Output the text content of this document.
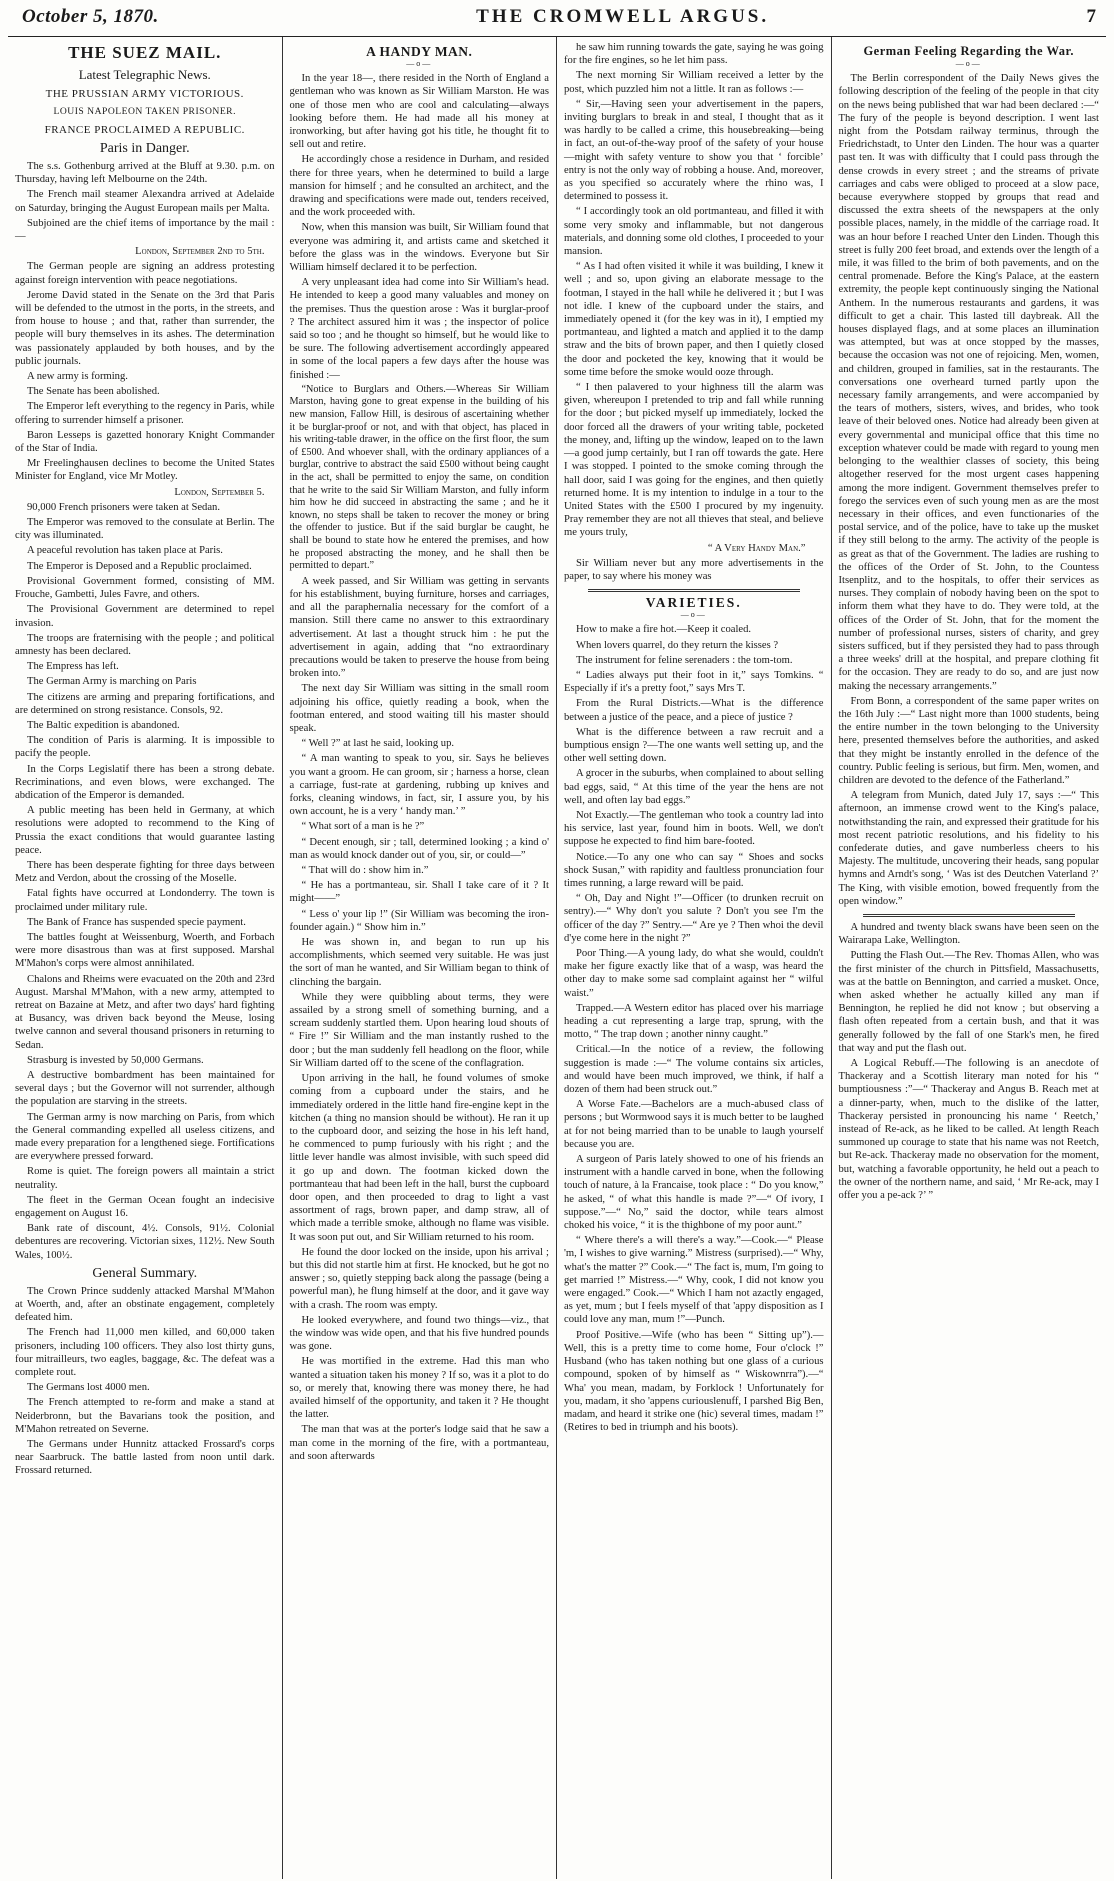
October 5, 1870.	THE CROMWELL ARGUS.	7
THE SUEZ MAIL.
Latest Telegraphic News.
THE PRUSSIAN ARMY VICTORIOUS.
LOUIS NAPOLEON TAKEN PRISONER.
FRANCE PROCLAIMED A REPUBLIC.
Paris in Danger.

The s.s. Gothenburg arrived at the Bluff at 9.30. p.m. on Thursday, having left Melbourne on the 24th.

The French mail steamer Alexandra arrived at Adelaide on Saturday, bringing the August European mails per Malta.

Subjoined are the chief items of importance by the mail :—

London, September 2nd to 5th.

The German people are signing an address protesting against foreign intervention with peace negotiations.

Jerome David stated in the Senate on the 3rd that Paris will be defended to the utmost in the ports, in the streets, and from house to house ; and that, rather than surrender, the people will bury themselves in its ashes. The determination was passionately applauded by both houses, and by the public journals.

A new army is forming.

The Senate has been abolished.

The Emperor left everything to the regency in Paris, while offering to surrender himself a prisoner.

Baron Lesseps is gazetted honorary Knight Commander of the Star of India.

Mr Freelinghausen declines to become the United States Minister for England, vice Mr Motley.

London, September 5.

90,000 French prisoners were taken at Sedan.

The Emperor was removed to the consulate at Berlin. The city was illuminated.

A peaceful revolution has taken place at Paris.

The Emperor is Deposed and a Republic proclaimed.

Provisional Government formed, consisting of MM. Frouche, Gambetti, Jules Favre, and others.

The Provisional Government are determined to repel invasion.

The troops are fraternising with the people ; and political amnesty has been declared.

The Empress has left.

The German Army is marching on Paris

The citizens are arming and preparing fortifications, and are determined on strong resistance. Consols, 92.

The Baltic expedition is abandoned.

The condition of Paris is alarming. It is impossible to pacify the people.

In the Corps Legislatif there has been a strong debate. Recriminations, and even blows, were exchanged. The abdication of the Emperor is demanded.

A public meeting has been held in Germany, at which resolutions were adopted to recommend to the King of Prussia the exact conditions that would guarantee lasting peace.

There has been desperate fighting for three days between Metz and Verdon, about the crossing of the Moselle.

Fatal fights have occurred at Londonderry. The town is proclaimed under military rule.

The Bank of France has suspended specie payment.

The battles fought at Weissenburg, Woerth, and Forbach were more disastrous than was at first supposed. Marshal M'Mahon's corps were almost annihilated.

Chalons and Rheims were evacuated on the 20th and 23rd August. Marshal M'Mahon, with a new army, attempted to retreat on Bazaine at Metz, and after two days' hard fighting at Busancy, was driven back beyond the Meuse, losing twelve cannon and several thousand prisoners in returning to Sedan.

Strasburg is invested by 50,000 Germans.

A destructive bombardment has been maintained for several days ; but the Governor will not surrender, although the population are starving in the streets.

The German army is now marching on Paris, from which the General commanding expelled all useless citizens, and made every preparation for a lengthened siege. Fortifications are everywhere pressed forward.

Rome is quiet. The foreign powers all maintain a strict neutrality.

The fleet in the German Ocean fought an indecisive engagement on August 16.

Bank rate of discount, 4½. Consols, 91½. Colonial debentures are recovering. Victorian sixes, 112½. New South Wales, 100½.

General Summary.

The Crown Prince suddenly attacked Marshal M'Mahon at Woerth, and, after an obstinate engagement, completely defeated him.

The French had 11,000 men killed, and 60,000 taken prisoners, including 100 officers. They also lost thirty guns, four mitrailleurs, two eagles, baggage, &c. The defeat was a complete rout.

The Germans lost 4000 men.

The French attempted to re-form and make a stand at Neiderbronn, but the Bavarians took the position, and M'Mahon retreated on Severne.

The Germans under Hunnitz attacked Frossard's corps near Saarbruck. The battle lasted from noon until dark. Frossard returned.

A HANDY MAN.
—o—

In the year 18—, there resided in the North of England a gentleman who was known as Sir William Marston. He was one of those men who are cool and calculating—always looking before them. He had made all his money at ironworking, but after having got his title, he thought fit to sell out and retire.

He accordingly chose a residence in Durham, and resided there for three years, when he determined to build a large mansion for himself ; and he consulted an architect, and the drawing and specifications were made out, tenders received, and the work proceeded with.

Now, when this mansion was built, Sir William found that everyone was admiring it, and artists came and sketched it before the glass was in the windows. Everyone but Sir William himself declared it to be perfection.

A very unpleasant idea had come into Sir William's head. He intended to keep a good many valuables and money on the premises. Thus the question arose : Was it burglar-proof ? The architect assured him it was ; the inspector of police said so too ; and he thought so himself, but he would like to be sure. The following advertisement accordingly appeared in some of the local papers a few days after the house was finished :—

“Notice to Burglars and Others.—Whereas Sir William Marston, having gone to great expense in the building of his new mansion, Fallow Hill, is desirous of ascertaining whether it be burglar-proof or not, and with that object, has placed in his writing-table drawer, in the office on the first floor, the sum of £500. And whoever shall, with the ordinary appliances of a burglar, contrive to abstract the said £500 without being caught in the act, shall be permitted to enjoy the same, on condition that he write to the said Sir William Marston, and fully inform him how he did succeed in abstracting the same ; and he it known, no steps shall be taken to recover the money or bring the offender to justice. But if the said burglar be caught, he shall be bound to state how he entered the premises, and how he proposed abstracting the money, and he shall then be permitted to depart.”

A week passed, and Sir William was getting in servants for his establishment, buying furniture, horses and carriages, and all the paraphernalia necessary for the comfort of a mansion. Still there came no answer to this extraordinary advertisement. At last a thought struck him : he put the advertisement in again, adding that “no extraordinary precautions would be taken to preserve the house from being broken into.”

The next day Sir William was sitting in the small room adjoining his office, quietly reading a book, when the footman entered, and stood waiting till his master should speak.

“ Well ?” at last he said, looking up.

“ A man wanting to speak to you, sir. Says he believes you want a groom. He can groom, sir ; harness a horse, clean a carriage, fust-rate at gardening, rubbing up knives and forks, cleaning windows, in fact, sir, I assure you, by his own account, he is a very ‘ handy man.’ ”

“ What sort of a man is he ?”

“ Decent enough, sir ; tall, determined looking ; a kind o' man as would knock dander out of you, sir, or could—”

“ That will do : show him in.”

“ He has a portmanteau, sir. Shall I take care of it ? It might——”

“ Less o' your lip !” (Sir William was becoming the iron-founder again.) “ Show him in.”

He was shown in, and began to run up his accomplishments, which seemed very suitable. He was just the sort of man he wanted, and Sir William began to think of clinching the bargain.

While they were quibbling about terms, they were assailed by a strong smell of something burning, and a scream suddenly startled them. Upon hearing loud shouts of “ Fire !” Sir William and the man instantly rushed to the door ; but the man suddenly fell headlong on the floor, while Sir William darted off to the scene of the conflagration.

Upon arriving in the hall, he found volumes of smoke coming from a cupboard under the stairs, and he immediately ordered in the little hand fire-engine kept in the kitchen (a thing no mansion should be without). He ran it up to the cupboard door, and seizing the hose in his left hand, he commenced to pump furiously with his right ; and the little lever handle was almost invisible, with such speed did it go up and down. The footman kicked down the portmanteau that had been left in the hall, burst the cupboard door open, and then proceeded to drag to light a vast assortment of rags, brown paper, and damp straw, all of which made a terrible smoke, although no flame was visible. It was soon put out, and Sir William returned to his room.

He found the door locked on the inside, upon his arrival ; but this did not startle him at first. He knocked, but he got no answer ; so, quietly stepping back along the passage (being a powerful man), he flung himself at the door, and it gave way with a crash. The room was empty.

He looked everywhere, and found two things—viz., that the window was wide open, and that his five hundred pounds was gone.

He was mortified in the extreme. Had this man who wanted a situation taken his money ? If so, was it a plot to do so, or merely that, knowing there was money there, he had availed himself of the opportunity, and taken it ? He thought the latter.

The man that was at the porter's lodge said that he saw a man come in the morning of the fire, with a portmanteau, and soon afterwards

he saw him running towards the gate, saying he was going for the fire engines, so he let him pass.

The next morning Sir William received a letter by the post, which puzzled him not a little. It ran as follows :—

“ Sir,—Having seen your advertisement in the papers, inviting burglars to break in and steal, I thought that as it was hardly to be called a crime, this housebreaking—being in fact, an out-of-the-way proof of the safety of your house—might with safety venture to show you that ‘ forcible’ entry is not the only way of robbing a house. And, moreover, as you specified so accurately where the rhino was, I determined to possess it.

“ I accordingly took an old portmanteau, and filled it with some very smoky and inflammable, but not dangerous materials, and donning some old clothes, I proceeded to your mansion.

“ As I had often visited it while it was building, I knew it well ; and so, upon giving an elaborate message to the footman, I stayed in the hall while he delivered it ; but I was not idle. I knew of the cupboard under the stairs, and immediately opened it (for the key was in it), I emptied my portmanteau, and lighted a match and applied it to the damp straw and the bits of brown paper, and then I quietly closed the door and pocketed the key, knowing that it would be some time before the smoke would ooze through.

“ I then palavered to your highness till the alarm was given, whereupon I pretended to trip and fall while running for the door ; but picked myself up immediately, locked the door forced all the drawers of your writing table, pocketed the money, and, lifting up the window, leaped on to the lawn—a good jump certainly, but I ran off towards the gate. Here I was stopped. I pointed to the smoke coming through the hall door, said I was going for the engines, and then quietly returned home. It is my intention to indulge in a tour to the United States with the £500 I procured by my ingenuity. Pray remember they are not all thieves that steal, and believe me yours truly,

“ A Very Handy Man.”

Sir William never but any more advertisements in the paper, to say where his money was

VARIETIES.
—o—

How to make a fire hot.—Keep it coaled.

When lovers quarrel, do they return the kisses ?

The instrument for feline serenaders : the tom-tom.

“ Ladies always put their foot in it,” says Tomkins. “ Especially if it's a pretty foot,” says Mrs T.

From the Rural Districts.—What is the difference between a justice of the peace, and a piece of justice ?

What is the difference between a raw recruit and a bumptious ensign ?—The one wants well setting up, and the other well setting down.

A grocer in the suburbs, when complained to about selling bad eggs, said, “ At this time of the year the hens are not well, and often lay bad eggs.”

Not Exactly.—The gentleman who took a country lad into his service, last year, found him in boots. Well, we don't suppose he expected to find him bare-footed.

Notice.—To any one who can say “ Shoes and socks shock Susan,” with rapidity and faultless pronunciation four times running, a large reward will be paid.

“ Oh, Day and Night !”—Officer (to drunken recruit on sentry).—“ Why don't you salute ? Don't you see I'm the officer of the day ?” Sentry.—“ Are ye ? Then whoi the devil d'ye come here in the night ?”

Poor Thing.—A young lady, do what she would, couldn't make her figure exactly like that of a wasp, was heard the other day to make some sad complaint against her “ wilful waist.”

Trapped.—A Western editor has placed over his marriage heading a cut representing a large trap, sprung, with the motto, “ The trap down ; another ninny caught.”

Critical.—In the notice of a review, the following suggestion is made :—“ The volume contains six articles, and would have been much improved, we think, if half a dozen of them had been struck out.”

A Worse Fate.—Bachelors are a much-abused class of persons ; but Wormwood says it is much better to be laughed at for not being married than to be unable to laugh yourself because you are.

A surgeon of Paris lately showed to one of his friends an instrument with a handle carved in bone, when the following touch of nature, à la Francaise, took place : “ Do you know,” he asked, “ of what this handle is made ?”—“ Of ivory, I suppose.”—“ No,” said the doctor, while tears almost choked his voice, “ it is the thighbone of my poor aunt.”

“ Where there's a will there's a way.”—Cook.—“ Please 'm, I wishes to give warning.” Mistress (surprised).—“ Why, what's the matter ?” Cook.—“ The fact is, mum, I'm going to get married !” Mistress.—“ Why, cook, I did not know you were engaged.” Cook.—“ Which I ham not azactly engaged, as yet, mum ; but I feels myself of that 'appy disposition as I could love any man, mum !”—Punch.

Proof Positive.—Wife (who has been “ Sitting up”).—Well, this is a pretty time to come home, Four o'clock !” Husband (who has taken nothing but one glass of a curious compound, spoken of by himself as “ Wiskownrra”).—“ Wha' you mean, madam, by Forklock ! Unfortunately for you, madam, it sho 'appens curiouslenuff, I parshed Big Ben, madam, and heard it strike one (hic) several times, madam !” (Retires to bed in triumph and his boots).

German Feeling Regarding the War.
—o—

The Berlin correspondent of the Daily News gives the following description of the feeling of the people in that city on the news being published that war had been declared :—“ The fury of the people is beyond description. I went last night from the Potsdam railway terminus, through the Friedrichstadt, to Unter den Linden. The hour was a quarter past ten. It was with difficulty that I could pass through the dense crowds in every street ; and the streams of private carriages and cabs were obliged to proceed at a slow pace, because everywhere stopped by groups that read and discussed the extra sheets of the newspapers at the only possible places, namely, in the middle of the carriage road. It was an hour before I reached Unter den Linden. Though this street is fully 200 feet broad, and extends over the length of a mile, it was filled to the brim of both pavements, and on the central promenade. Before the King's Palace, at the eastern extremity, the people kept continuously singing the National Anthem. In the numerous restaurants and gardens, it was difficult to get a chair. This lasted till daybreak. All the houses displayed flags, and at some places an illumination was attempted, but was at once stopped by the masses, because the occasion was not one of rejoicing. Men, women, and children, grouped in families, sat in the restaurants. The conversations one overheard turned partly upon the necessary family arrangements, and were accompanied by the tears of mothers, sisters, wives, and brides, who took leave of their beloved ones. Notice had already been given at every governmental and municipal office that this time no exception whatever could be made with regard to young men belonging to the wealthier classes of society, this being altogether reserved for the most urgent cases happening among the more indigent. Government themselves prefer to forego the services even of such young men as are the most necessary in their offices, and even functionaries of the postal service, and of the police, have to take up the musket if they still belong to the army. The activity of the people is as great as that of the Government. The ladies are rushing to the offices of the Order of St. John, to the Countess Itsenplitz, and to the hospitals, to offer their services as nurses. They complain of nobody having been on the spot to inform them what they have to do. They were told, at the offices of the Order of St. John, that for the moment the number of professional nurses, sisters of charity, and grey sisters sufficed, but if they persisted they had to pass through a three weeks' drill at the hospital, and prepare clothing fit for the occasion. They are ready to do so, and are just now making the necessary arrangements.”

From Bonn, a correspondent of the same paper writes on the 16th July :—“ Last night more than 1000 students, being the entire number in the town belonging to the University here, presented themselves before the authorities, and asked that they might be instantly enrolled in the defence of the country. Public feeling is serious, but firm. Men, women, and children are devoted to the defence of the Fatherland.”

A telegram from Munich, dated July 17, says :—“ This afternoon, an immense crowd went to the King's palace, notwithstanding the rain, and expressed their gratitude for his most recent patriotic resolutions, and his fidelity to his confederate duties, and gave numberless cheers to his Majesty. The multitude, uncovering their heads, sang popular hymns and Arndt's song, ‘ Was ist des Deutchen Vaterland ?’ The King, with visible emotion, bowed frequently from the open window.”

A hundred and twenty black swans have been seen on the Wairarapa Lake, Wellington.

Putting the Flash Out.—The Rev. Thomas Allen, who was the first minister of the church in Pittsfield, Massachusetts, was at the battle on Bennington, and carried a musket. Once, when asked whether he actually killed any man if Bennington, he replied he did not know ; but observing a flash often repeated from a certain bush, and that it was generally followed by the fall of one Stark's men, he fired that way and put the flash out.

A Logical Rebuff.—The following is an anecdote of Thackeray and a Scottish literary man noted for his “ bumptiousness :”—“ Thackeray and Angus B. Reach met at a dinner-party, when, much to the dislike of the latter, Thackeray persisted in pronouncing his name ‘ Reetch,’ instead of Re-ack, as he liked to be called. At length Reach summoned up courage to state that his name was not Reetch, but Re-ack. Thackeray made no observation for the moment, but, watching a favorable opportunity, he held out a peach to the owner of the northern name, and said, ‘ Mr Re-ack, may I offer you a pe-ack ?’ ”
